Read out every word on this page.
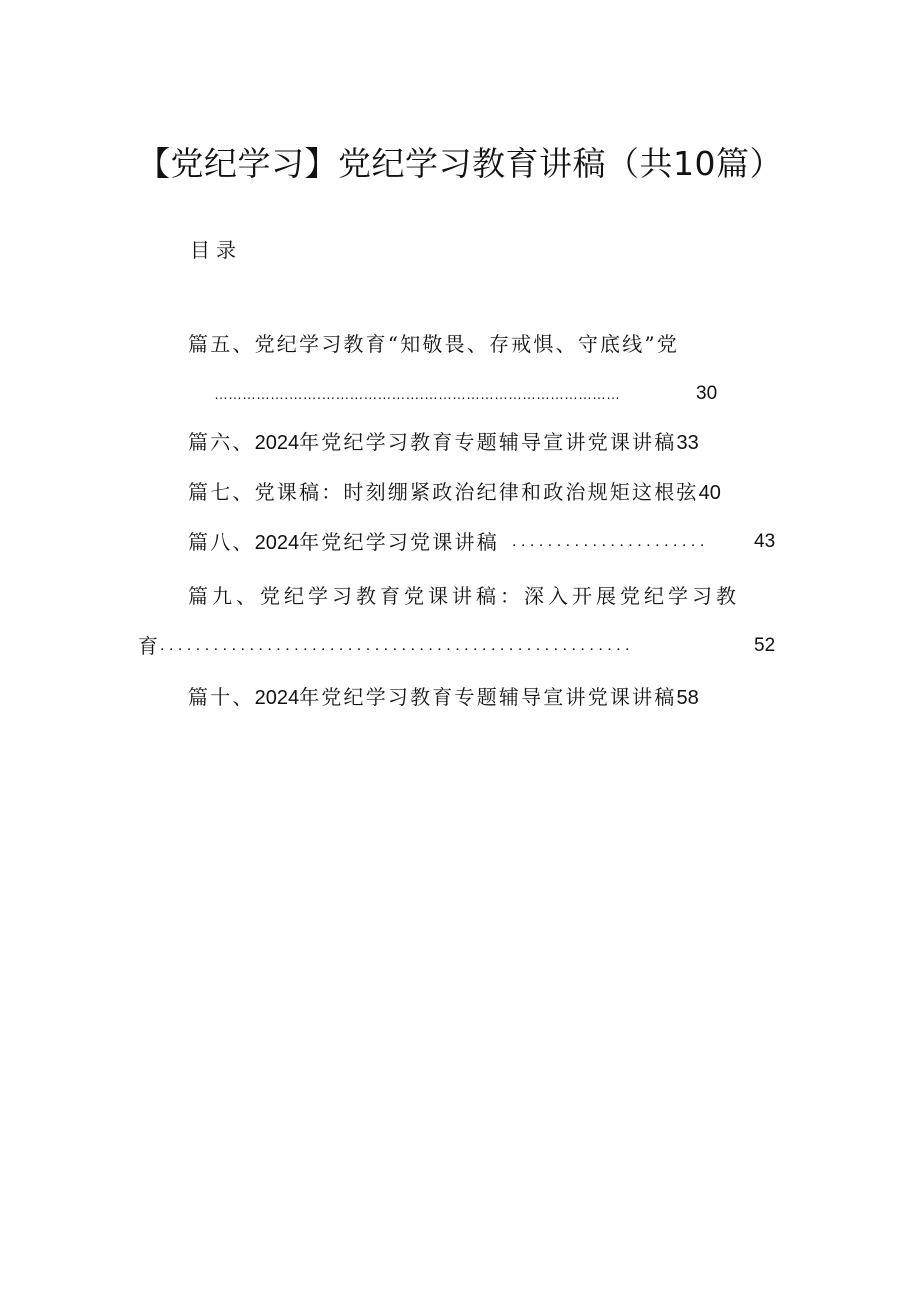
【党纪学习】党纪学习教育讲稿（共10篇）
目录
篇五、党纪学习教育“知敬畏、存戒惧、守底线”党
……………․……․…………………․……………………………………	30
篇六、2024年党纪学习教育专题辅导宣讲党课讲稿33
篇七、党课稿：时刻绷紧政治纪律和政治规矩这根弦40
篇八、2024年党纪学习党课讲稿 ...................... 43
篇九、党纪学习教育党课讲稿：深入开展党纪学习教
育 .....................................................	52
篇十、2024年党纪学习教育专题辅导宣讲党课讲稿58
